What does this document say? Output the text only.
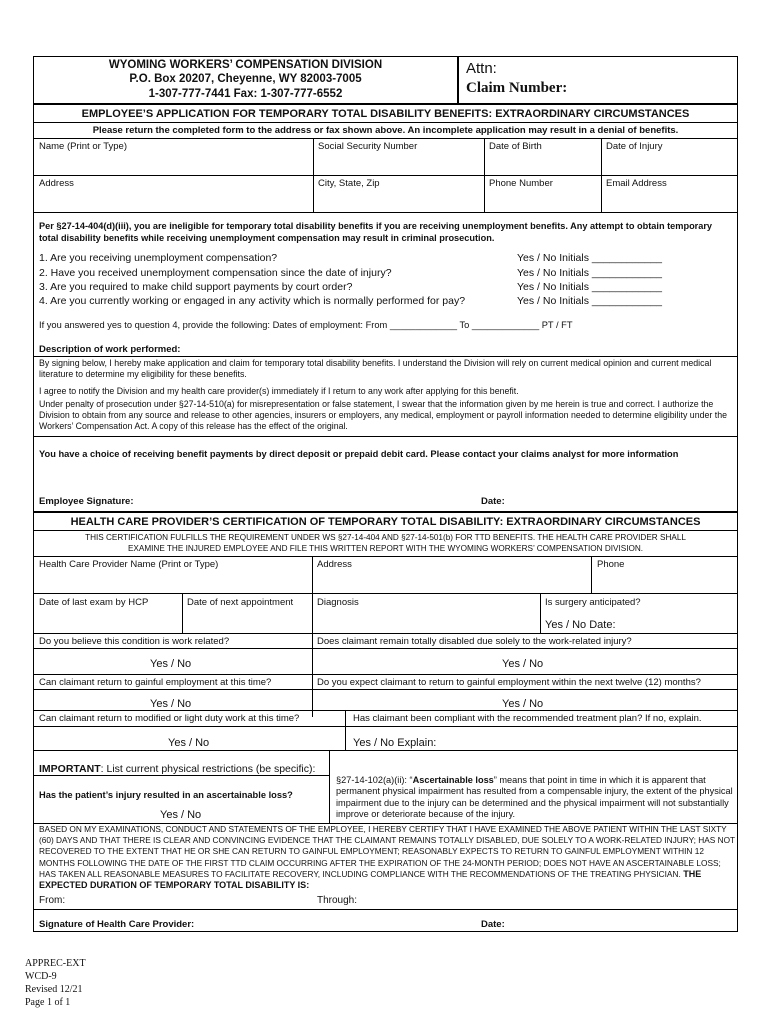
WYOMING WORKERS’ COMPENSATION DIVISION
P.O. Box 20207, Cheyenne, WY 82003-7005
1-307-777-7441 Fax: 1-307-777-6552
Attn:
Claim Number:
EMPLOYEE’S APPLICATION FOR TEMPORARY TOTAL DISABILITY BENEFITS: EXTRAORDINARY CIRCUMSTANCES
Please return the completed form to the address or fax shown above. An incomplete application may result in a denial of benefits.
Name (Print or Type)	Social Security Number	Date of Birth	Date of Injury
Address	City, State, Zip	Phone Number	Email Address
Per §27-14-404(d)(iii), you are ineligible for temporary total disability benefits if you are receiving unemployment benefits. Any attempt to obtain temporary total disability benefits while receiving unemployment compensation may result in criminal prosecution.
1. Are you receiving unemployment compensation?	Yes / No Initials ____________
2. Have you received unemployment compensation since the date of injury?	Yes / No Initials ____________
3. Are you required to make child support payments by court order?	Yes / No Initials ____________
4. Are you currently working or engaged in any activity which is normally performed for pay?	Yes / No Initials ____________
If you answered yes to question 4, provide the following: Dates of employment: From _____________ To _____________ PT / FT
Description of work performed:
By signing below, I hereby make application and claim for temporary total disability benefits. I understand the Division will rely on current medical opinion and current medical literature to determine my eligibility for these benefits.
I agree to notify the Division and my health care provider(s) immediately if I return to any work after applying for this benefit.
Under penalty of prosecution under §27-14-510(a) for misrepresentation or false statement, I swear that the information given by me herein is true and correct. I authorize the Division to obtain from any source and release to other agencies, insurers or employers, any medical, employment or payroll information needed to determine eligibility under the Workers’ Compensation Act. A copy of this release has the effect of the original.
You have a choice of receiving benefit payments by direct deposit or prepaid debit card. Please contact your claims analyst for more information
Employee Signature:	Date:
HEALTH CARE PROVIDER’S CERTIFICATION OF TEMPORARY TOTAL DISABILITY: EXTRAORDINARY CIRCUMSTANCES
THIS CERTIFICATION FULFILLS THE REQUIREMENT UNDER WS §27-14-404 AND §27-14-501(b) FOR TTD BENEFITS. THE HEALTH CARE PROVIDER SHALL
EXAMINE THE INJURED EMPLOYEE AND FILE THIS WRITTEN REPORT WITH THE WYOMING WORKERS’ COMPENSATION DIVISION.
Health Care Provider Name (Print or Type)	Address	Phone
Date of last exam by HCP	Date of next appointment	Diagnosis	Is surgery anticipated?
Yes / No Date:
Do you believe this condition is work related?	Does claimant remain totally disabled due solely to the work-related injury?
Yes / No	Yes / No
Can claimant return to gainful employment at this time?	Do you expect claimant to return to gainful employment within the next twelve (12) months?
Yes / No	Yes / No
Can claimant return to modified or light duty work at this time?	Has claimant been compliant with the recommended treatment plan? If no, explain.
Yes / No	Yes / No Explain:
IMPORTANT: List current physical restrictions (be specific):
Has the patient’s injury resulted in an ascertainable loss?
Yes / No
§27-14-102(a)(ii): “Ascertainable loss” means that point in time in which it is apparent that permanent physical impairment has resulted from a compensable injury, the extent of the physical impairment due to the injury can be determined and the physical impairment will not substantially improve or deteriorate because of the injury.
BASED ON MY EXAMINATIONS, CONDUCT AND STATEMENTS OF THE EMPLOYEE, I HEREBY CERTIFY THAT I HAVE EXAMINED THE ABOVE PATIENT WITHIN THE LAST SIXTY (60) DAYS AND THAT THERE IS CLEAR AND CONVINCING EVIDENCE THAT THE CLAIMANT REMAINS TOTALLY DISABLED, DUE SOLELY TO A WORK-RELATED INJURY; HAS NOT RECOVERED TO THE EXTENT THAT HE OR SHE CAN RETURN TO GAINFUL EMPLOYMENT; REASONABLY EXPECTS TO RETURN TO GAINFUL EMPLOYMENT WITHIN 12 MONTHS FOLLOWING THE DATE OF THE FIRST TTD CLAIM OCCURRING AFTER THE EXPIRATION OF THE 24-MONTH PERIOD; DOES NOT HAVE AN ASCERTAINABLE LOSS; HAS TAKEN ALL REASONABLE MEASURES TO FACILITATE RECOVERY, INCLUDING COMPLIANCE WITH THE RECOMMENDATIONS OF THE TREATING PHYSICIAN. THE EXPECTED DURATION OF TEMPORARY TOTAL DISABILITY IS:
From:	Through:
Signature of Health Care Provider:	Date:
APPREC-EXT
WCD-9
Revised 12/21
Page 1 of 1
